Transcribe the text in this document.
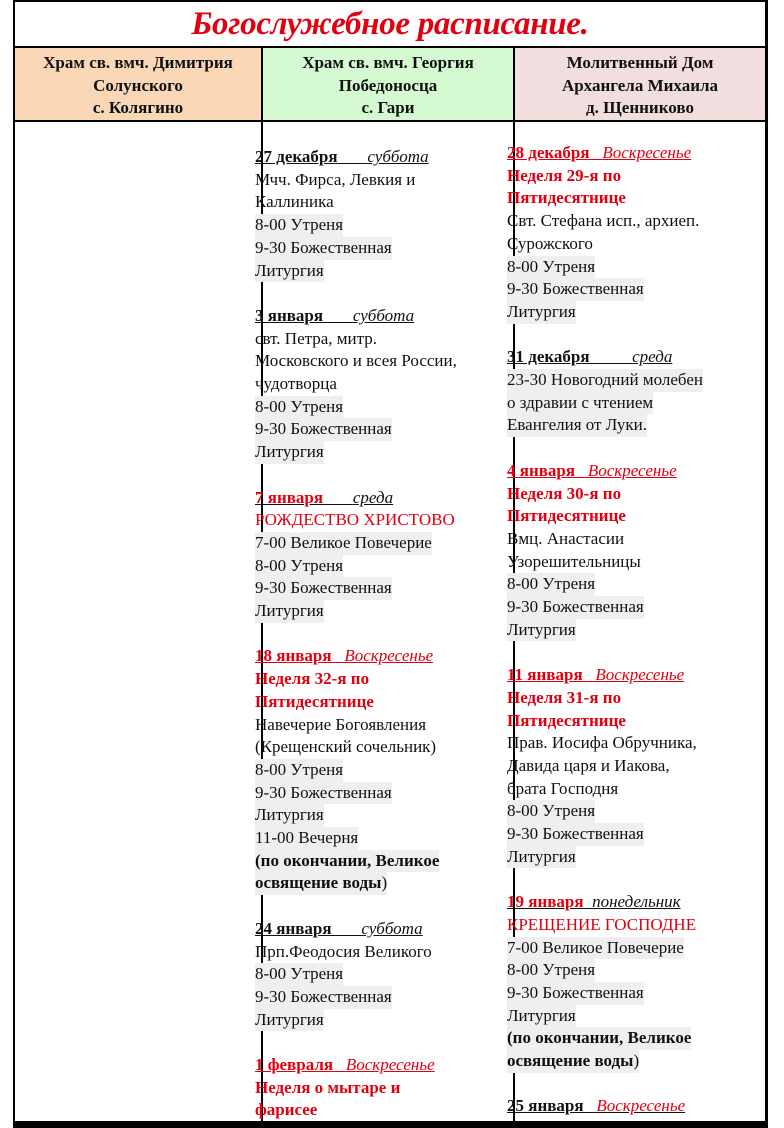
Богослужебное расписание.
Храм св. вмч. Димитрия
Солунского
с. Колягино
Храм св. вмч. Георгия
Победоносца
с. Гари
Молитвенный Дом
Архангела Михаила
д. Щенниково
27 декабря суббота
Мчч. Фирса, Левкия и
Каллиника
8-00 Утреня
9-30 Божественная
Литургия
3 января суббота
свт. Петра, митр.
Московского и всея России,
чудотворца
8-00 Утреня
9-30 Божественная
Литургия
7 января среда
РОЖДЕСТВО ХРИСТОВО
7-00 Великое Повечерие
8-00 Утреня
9-30 Божественная
Литургия
18 января Воскресенье
Неделя 32-я по
Пятидесятнице
Навечерие Богоявления
(Крещенский сочельник)
8-00 Утреня
9-30 Божественная
Литургия
11-00 Вечерня
(по окончании, Великое
освящение воды)
24 января суббота
Прп.Феодосия Великого
8-00 Утреня
9-30 Божественная
Литургия
1 февраля Воскресенье
Неделя о мытаре и
фарисее
28 декабря Воскресенье
Неделя 29-я по
Пятидесятнице
Свт. Стефана исп., архиеп.
Сурожского
8-00 Утреня
9-30 Божественная
Литургия
31 декабря	среда
23-30 Новогодний молебен
о здравии с чтением
Евангелия от Луки.
4 января Воскресенье
Неделя 30-я по
Пятидесятнице
Вмц. Анастасии
Узорешительницы
8-00 Утреня
9-30 Божественная
Литургия
11 января Воскресенье
Неделя 31-я по
Пятидесятнице
Прав. Иосифа Обручника,
Давида царя и Иакова,
брата Господня
8-00 Утреня
9-30 Божественная
Литургия
19 января понедельник
КРЕЩЕНИЕ ГОСПОДНЕ
7-00 Великое Повечерие
8-00 Утреня
9-30 Божественная
Литургия
(по окончании, Великое
освящение воды)
25 января Воскресенье
